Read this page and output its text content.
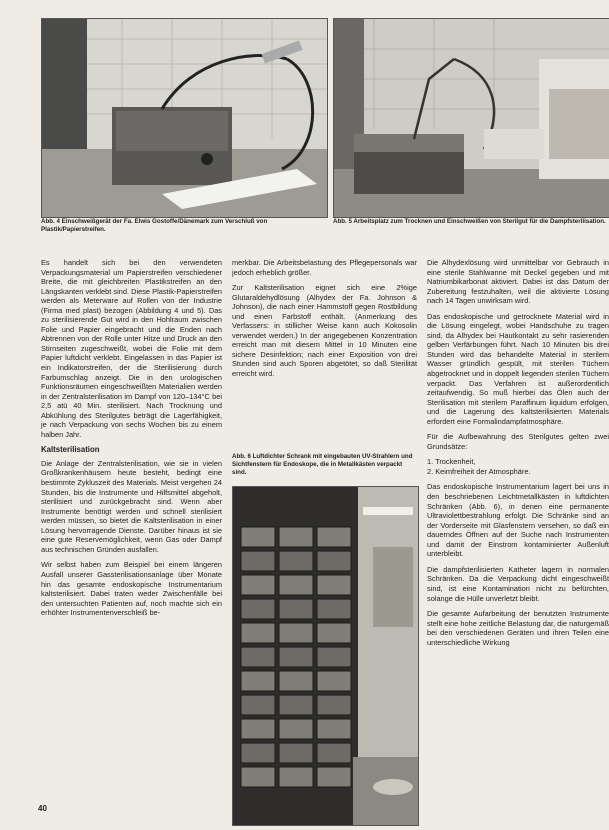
Abb. 4 Einschweißgerät der Fa. Elwis Gostoffe/Dänemark zum Verschluß von Plastik/Papierstreifen.
Abb. 5 Arbeitsplatz zum Trocknen und Einschweißen von Sterilgut für die Dampfsterilisation.

Es handelt sich bei den verwendeten Verpackungsmaterial um Papierstreifen verschiedener Breite, die mit gleichbreiten Plastikstreifen an den Längskanten verklebt sind. Diese Plastik-Papierstreifen werden als Meterware auf Rollen von der Industrie (Firma med plast) bezogen (Abbildung 4 und 5). Das zu sterilisierende Gut wird in den Hohlraum zwischen Folie und Papier eingebracht und die Enden nach Abtrennen von der Rolle unter Hitze und Druck an den Stirnseiten zugeschweißt, wobei die Folie mit dem Papier luftdicht verklebt. Eingelassen in das Papier ist ein Indikatorstreifen, der die Sterilisierung durch Farbumschlag anzeigt. Die in den urologischen Funktionsräumen eingeschweißten Materialien werden in der Zentralsterilisation im Dampf von 120–134°C bei 2,5 atü 40 Min. sterilisiert. Nach Trocknung und Abkühlung des Sterilgutes beträgt die Lagerfähigkeit, je nach Verpackung von sechs Wochen bis zu einem halben Jahr.

Kaltsterilisation

Die Anlage der Zentralsterilisation, wie sie in vielen Großkrankenhäusern heute besteht, bedingt eine bestimmte Zykluszeit des Materials. Meist vergehen 24 Stunden, bis die Instrumente und Hilfsmittel abgeholt, sterilisiert und zurückgebracht sind. Wenn aber Instrumente benötigt werden und schnell sterilisiert werden müssen, so bietet die Kaltsterilisation in einer Lösung hervorragende Dienste. Darüber hinaus ist sie eine gute Reservemöglichkeit, wenn Gas oder Dampf aus technischen Gründen ausfallen.

Wir selbst haben zum Beispiel bei einem längeren Ausfall unserer Gassterilisationsanlage über Monate hin das gesamte endoskopische Instrumentarium kaltsterilisiert. Dabei traten weder Zwischenfälle bei den untersuchten Patienten auf, noch machte sich ein erhöhter Instrumentenverschleiß be-

merkbar. Die Arbeitsbelastung des Pflegepersonals war jedoch erheblich größer.

Zur Kaltsterilisation eignet sich eine 2%ige Glutaraldehydlösung (Alhydex der Fa. Johnson & Johnson), die nach einer Hammstoff gegen Rostbildung und einen Farbstoff enthält. (Anmerkung des Verfassers: in stillicher Weise kann auch Kokosolin verwendet werden.) In der angegebenen Konzentration erreicht man mit diesem Mittel in 10 Minuten eine sichere Desinfektion; nach einer Exposition von drei Stunden sind auch Sporen abgetötet, so daß Sterilität erreicht wird.

Abb. 6 Luftdichter Schrank mit eingebauten UV-Strahlern und Sichtfenstern für Endoskope, die in Metallkästen verpackt sind.

Die Alhydexlösung wird unmittelbar vor Gebrauch in eine sterile Stahlwanne mit Deckel gegeben und mit Natriumbikarbonat aktiviert. Dabei ist das Datum der Zubereitung festzuhalten, weil die aktivierte Lösung nach 14 Tagen unwirksam wird.

Das endoskopische und getrocknete Material wird in die Lösung eingelegt, wobei Handschuhe zu tragen sind, da Alhydex bei Hautkontakt zu sehr rasierenden gelben Verfärbungen führt. Nach 10 Minuten bis drei Stunden wird das behandelte Material in sterilem Wasser gründlich gespült, mit sterilen Tüchern abgetrocknet und in doppelt liegenden sterilen Tüchern verpackt. Das Verfahren ist außerordentlich zeitaufwendig. So muß hierbei das Ölen auch der Sterilisation mit sterilem Paraffinum liquidum erfolgen, und die Lagerung des kaltsterilisierten Materials erfordert eine Formalindampfatmosphäre.

Für die Aufbewahrung des Sterilgutes gelten zwei Grundsätze:

1. Trockenheit,
2. Keimfreiheit der Atmosphäre.

Das endoskopische Instrumentarium lagert bei uns in den beschriebenen Leichtmetallkästen in luftdichten Schränken (Abb. 6), in denen eine permanente Ultraviolettbestrahlung erfolgt. Die Schränke sind an der Vorderseite mit Glasfenstern versehen, so daß ein dauerndes Öffnen auf der Suche nach Instrumenten und damit der Einstrom kontaminierter Außenluft unterbleibt.

Die dampfsterilisierten Katheter lagern in normalen Schränken. Da die Verpackung dicht eingeschweißt sind, ist eine Kontamination nicht zu befürchten, solange die Hülle unverletzt bleibt.

Die gesamte Aufarbeitung der benutzten Instrumente stellt eine hohe zeitliche Belastung dar, die naturgemäß bei den verschiedenen Geräten und ihren Teilen eine unterschiedliche Wirkung

40
